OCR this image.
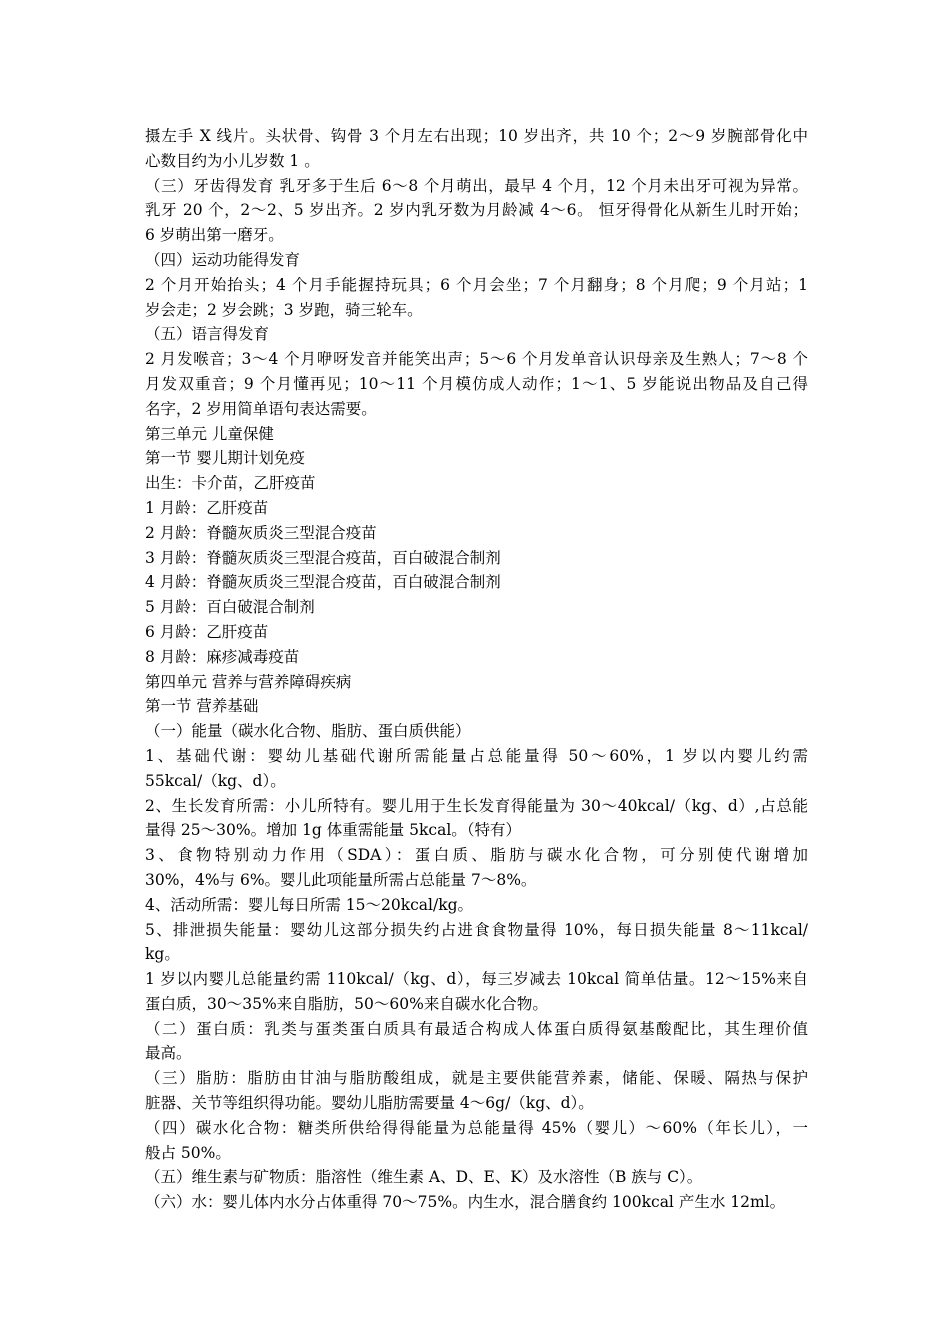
摄左手 X 线片。头状骨、钩骨 3 个月左右出现；10 岁出齐，共 10 个；2～9 岁腕部骨化中
心数目约为小儿岁数 1 。
（三）牙齿得发育 乳牙多于生后 6～8 个月萌出，最早 4 个月，12 个月未出牙可视为异常。
乳牙 20 个，2～2、5 岁出齐。2 岁内乳牙数为月龄减 4～6。 恒牙得骨化从新生儿时开始；
6 岁萌出第一磨牙。
（四）运动功能得发育
2 个月开始抬头；4 个月手能握持玩具；6 个月会坐；7 个月翻身；8 个月爬；9 个月站；1
岁会走；2 岁会跳；3 岁跑，骑三轮车。
（五）语言得发育
2 月发喉音；3～4 个月咿呀发音并能笑出声；5～6 个月发单音认识母亲及生熟人；7～8 个
月发双重音；9 个月懂再见；10～11 个月模仿成人动作；1～1、5 岁能说出物品及自己得
名字，2 岁用简单语句表达需要。
第三单元 儿童保健
第一节 婴儿期计划免疫
出生：卡介苗，乙肝疫苗
1 月龄：乙肝疫苗
2 月龄：脊髓灰质炎三型混合疫苗
3 月龄：脊髓灰质炎三型混合疫苗，百白破混合制剂
4 月龄：脊髓灰质炎三型混合疫苗，百白破混合制剂
5 月龄：百白破混合制剂
6 月龄：乙肝疫苗
8 月龄：麻疹减毒疫苗
第四单元 营养与营养障碍疾病
第一节 营养基础
（一）能量（碳水化合物、脂肪、蛋白质供能）
1、基础代谢：婴幼儿基础代谢所需能量占总能量得 50～60%，1 岁以内婴儿约需
55kcal/（kg、d）。
2、生长发育所需：小儿所特有。婴儿用于生长发育得能量为 30～40kcal/（kg、d）,占总能
量得 25～30%。增加 1g 体重需能量 5kcal。（特有）
3、食物特别动力作用（SDA）：蛋白质、脂肪与碳水化合物，可分别使代谢增加
30%，4%与 6%。婴儿此项能量所需占总能量 7～8%。
4、活动所需：婴儿每日所需 15～20kcal/kg。
5、排泄损失能量：婴幼儿这部分损失约占进食食物量得 10%，每日损失能量 8～11kcal/
kg。
1 岁以内婴儿总能量约需 110kcal/（kg、d），每三岁减去 10kcal 简单估量。12～15%来自
蛋白质，30～35%来自脂肪，50～60%来自碳水化合物。
（二）蛋白质：乳类与蛋类蛋白质具有最适合构成人体蛋白质得氨基酸配比，其生理价值
最高。
（三）脂肪：脂肪由甘油与脂肪酸组成，就是主要供能营养素，储能、保暖、隔热与保护
脏器、关节等组织得功能。婴幼儿脂肪需要量 4～6g/（kg、d）。
（四）碳水化合物：糖类所供给得得能量为总能量得 45%（婴儿）～60%（年长儿），一
般占 50%。
（五）维生素与矿物质：脂溶性（维生素 A、D、E、K）及水溶性（B 族与 C）。
（六）水：婴儿体内水分占体重得 70～75%。内生水，混合膳食约 100kcal 产生水 12ml。
